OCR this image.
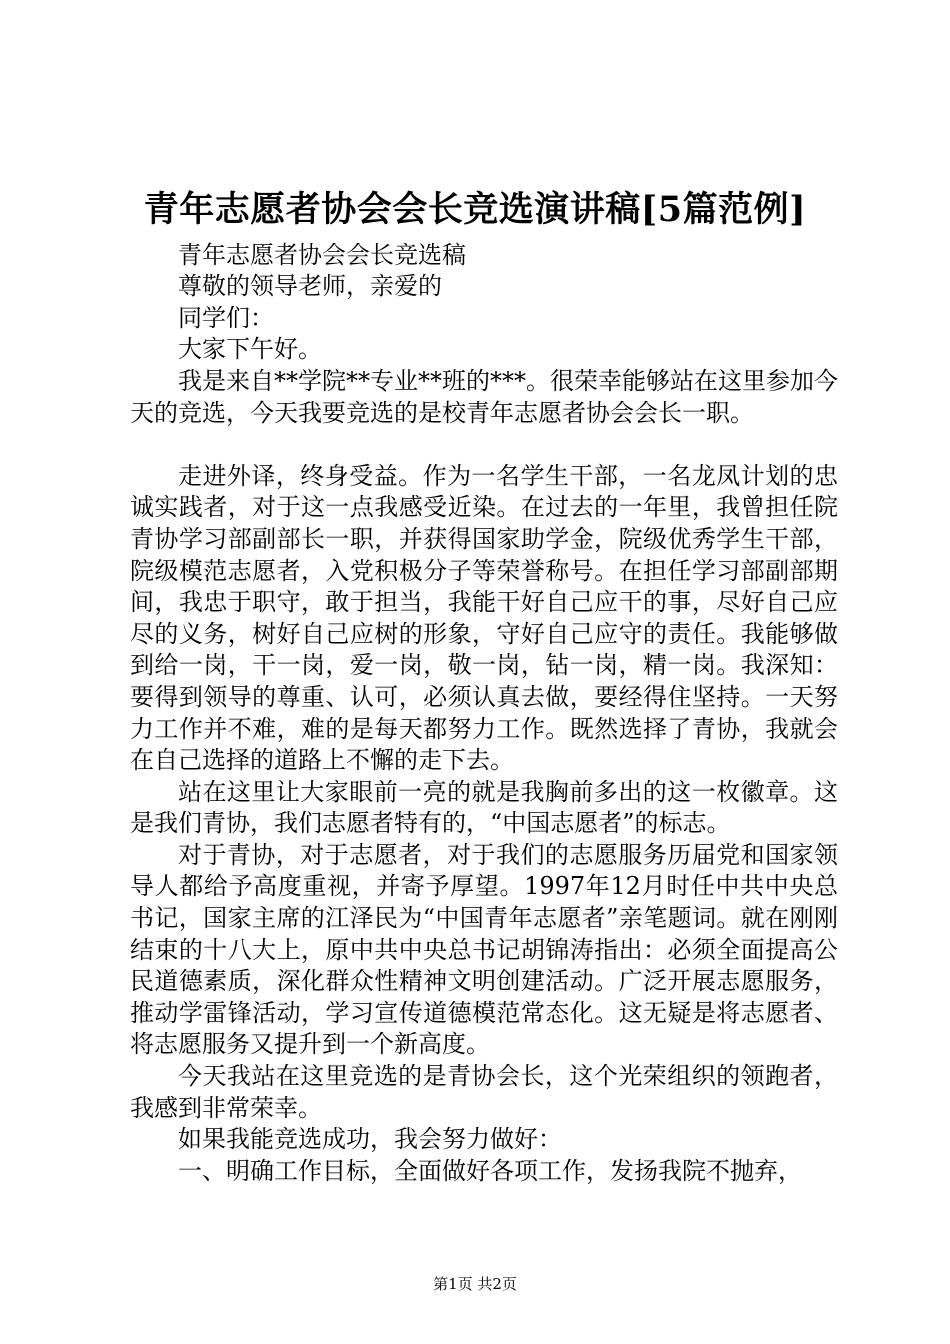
青年志愿者协会会长竞选演讲稿[5篇范例]

青年志愿者协会会长竞选稿

尊敬的领导老师，亲爱的

同学们：

大家下午好。

我是来自**学院**专业**班的***。很荣幸能够站在这里参加今天的竞选，今天我要竞选的是校青年志愿者协会会长一职。

走进外译，终身受益。作为一名学生干部，一名龙凤计划的忠诚实践者，对于这一点我感受近染。在过去的一年里，我曾担任院青协学习部副部长一职，并获得国家助学金，院级优秀学生干部，院级模范志愿者，入党积极分子等荣誉称号。在担任学习部副部期间，我忠于职守，敢于担当，我能干好自己应干的事，尽好自己应尽的义务，树好自己应树的形象，守好自己应守的责任。我能够做到给一岗，干一岗，爱一岗，敬一岗，钻一岗，精一岗。我深知：要得到领导的尊重、认可，必须认真去做，要经得住坚持。一天努力工作并不难，难的是每天都努力工作。既然选择了青协，我就会在自己选择的道路上不懈的走下去。

站在这里让大家眼前一亮的就是我胸前多出的这一枚徽章。这是我们青协，我们志愿者特有的，“中国志愿者”的标志。

对于青协，对于志愿者，对于我们的志愿服务历届党和国家领导人都给予高度重视，并寄予厚望。1997年12月时任中共中央总书记，国家主席的江泽民为“中国青年志愿者”亲笔题词。就在刚刚结束的十八大上，原中共中央总书记胡锦涛指出：必须全面提高公民道德素质，深化群众性精神文明创建活动。广泛开展志愿服务，推动学雷锋活动，学习宣传道德模范常态化。这无疑是将志愿者、将志愿服务又提升到一个新高度。

今天我站在这里竞选的是青协会长，这个光荣组织的领跑者，我感到非常荣幸。

如果我能竞选成功，我会努力做好：

一、明确工作目标，全面做好各项工作，发扬我院不抛弃，

第1页 共2页
